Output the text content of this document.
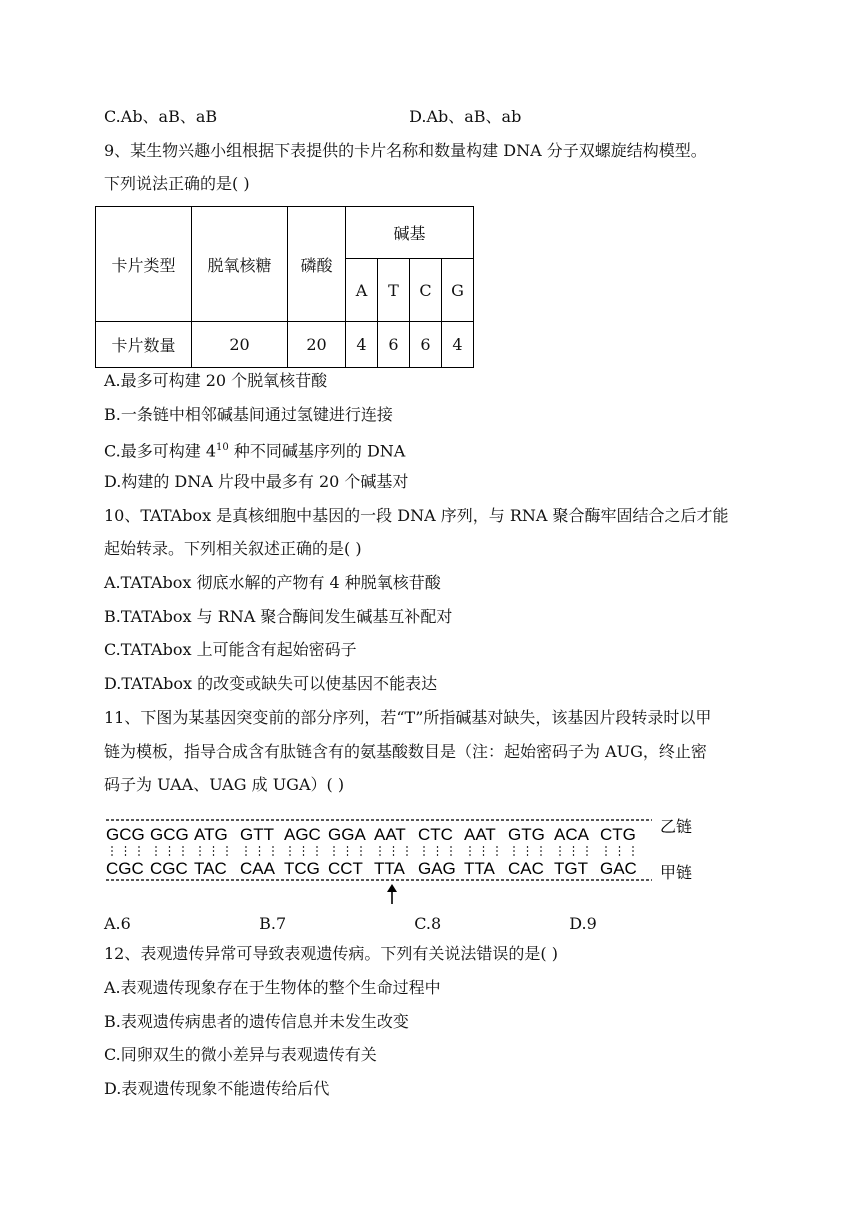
C.Ab、aB、aB	D.Ab、aB、ab
9、某生物兴趣小组根据下表提供的卡片名称和数量构建 DNA 分子双螺旋结构模型。
下列说法正确的是( )
卡片类型	脱氧核糖	磷酸	碱基			
			A	T	C	G
卡片数量	20	20	4	6	6	4
A.最多可构建 20 个脱氧核苷酸
B.一条链中相邻碱基间通过氢键进行连接
C.最多可构建 $4^{10}$ 种不同碱基序列的 DNA
D.构建的 DNA 片段中最多有 20 个碱基对
10、TATAbox 是真核细胞中基因的一段 DNA 序列，与 RNA 聚合酶牢固结合之后才能
起始转录。下列相关叙述正确的是( )
A.TATAbox 彻底水解的产物有 4 种脱氧核苷酸
B.TATAbox 与 RNA 聚合酶间发生碱基互补配对
C.TATAbox 上可能含有起始密码子
D.TATAbox 的改变或缺失可以使基因不能表达
11、下图为某基因突变前的部分序列，若“T”所指碱基对缺失，该基因片段转录时以甲
链为模板，指导合成含有肽链含有的氨基酸数目是（注：起始密码子为 AUG，终止密
码子为 UAA、UAG 成 UGA）( )
GCG GCG ATG GTT AGC GGA AAT CTC AAT GTG ACA CTG
CGC CGC TAC CAA TCG CCT TTA GAG TTA CAC TGT GAC
乙链
甲链
A.6	B.7	C.8	D.9
12、表观遗传异常可导致表观遗传病。下列有关说法错误的是( )
A.表观遗传现象存在于生物体的整个生命过程中
B.表观遗传病患者的遗传信息并未发生改变
C.同卵双生的微小差异与表观遗传有关
D.表观遗传现象不能遗传给后代
